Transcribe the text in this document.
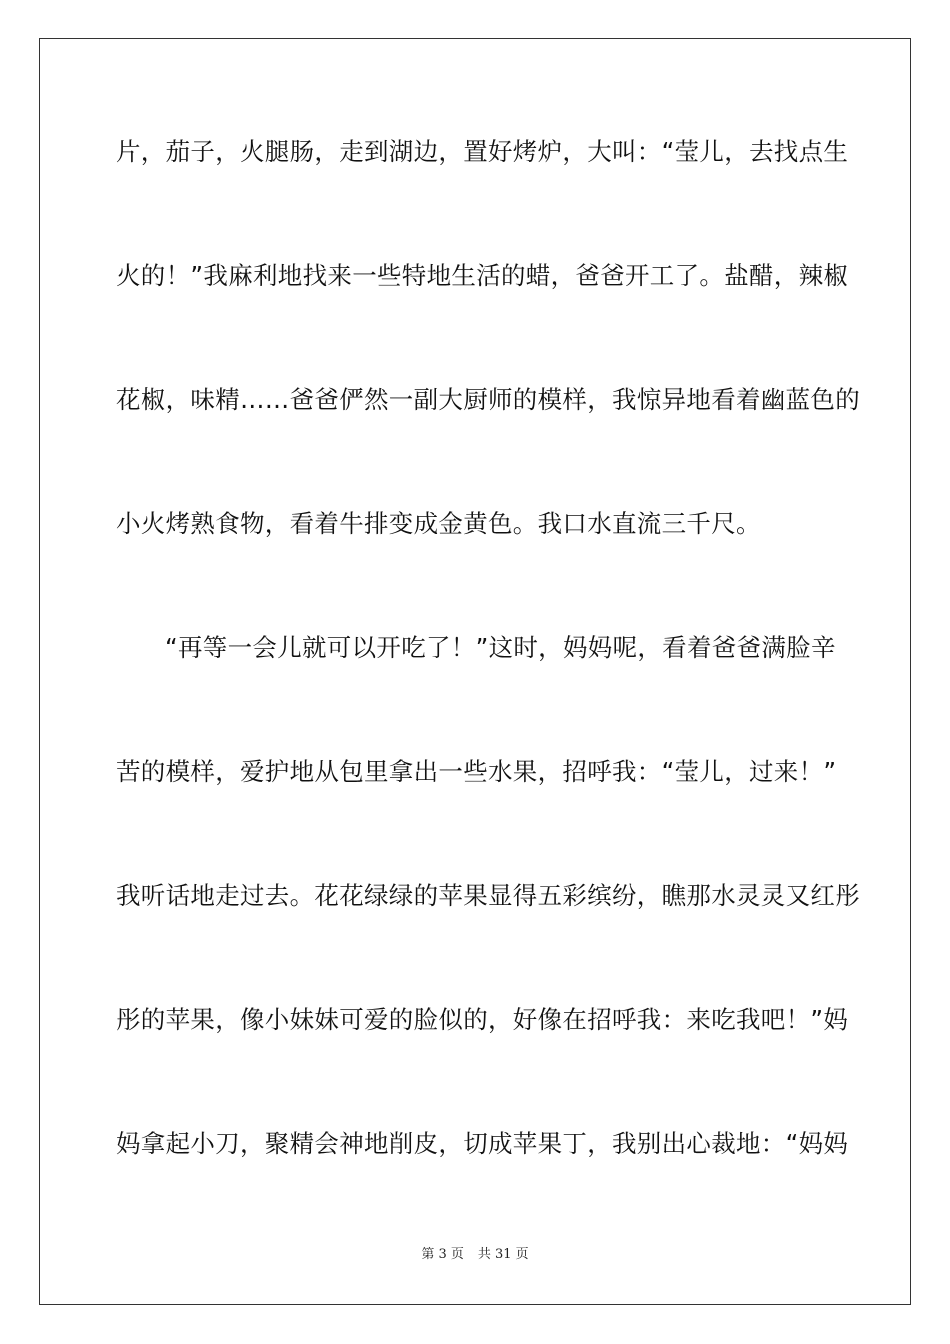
片，茄子，火腿肠，走到湖边，置好烤炉，大叫：“莹儿，去找点生
火的！”我麻利地找来一些特地生活的蜡，爸爸开工了。盐醋，辣椒
花椒，味精……爸爸俨然一副大厨师的模样，我惊异地看着幽蓝色的
小火烤熟食物，看着牛排变成金黄色。我口水直流三千尺。
“再等一会儿就可以开吃了！”这时，妈妈呢，看着爸爸满脸辛
苦的模样，爱护地从包里拿出一些水果，招呼我：“莹儿，过来！”
我听话地走过去。花花绿绿的苹果显得五彩缤纷，瞧那水灵灵又红彤
彤的苹果，像小妹妹可爱的脸似的，好像在招呼我：来吃我吧！”妈
妈拿起小刀，聚精会神地削皮，切成苹果丁，我别出心裁地：“妈妈
第 3 页 共 31 页
